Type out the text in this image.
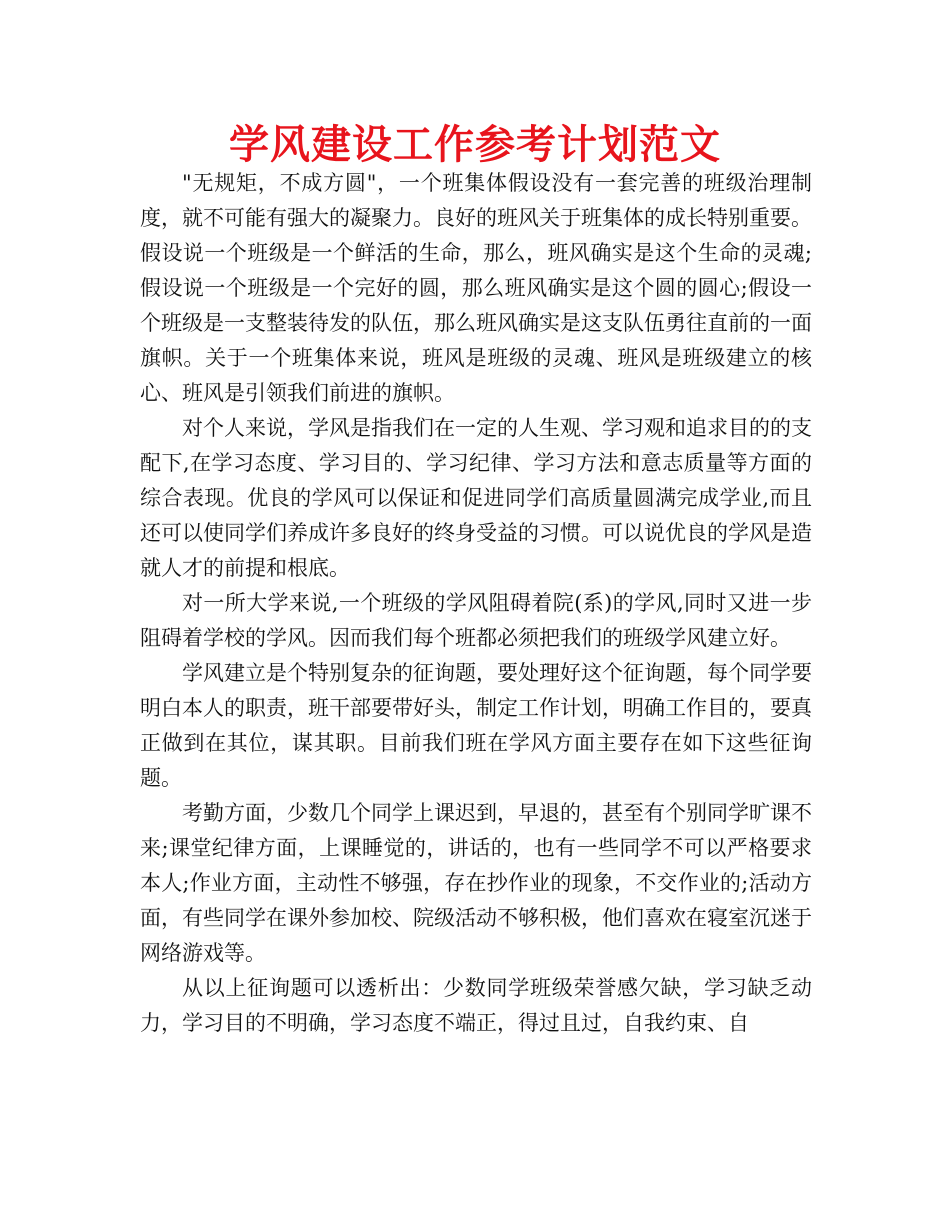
学风建设工作参考计划范文

"无规矩，不成方圆"，一个班集体假设没有一套完善的班级治理制度，就不可能有强大的凝聚力。良好的班风关于班集体的成长特别重要。假设说一个班级是一个鲜活的生命，那么，班风确实是这个生命的灵魂;假设说一个班级是一个完好的圆，那么班风确实是这个圆的圆心;假设一个班级是一支整装待发的队伍，那么班风确实是这支队伍勇往直前的一面旗帜。关于一个班集体来说，班风是班级的灵魂、班风是班级建立的核心、班风是引领我们前进的旗帜。

对个人来说，学风是指我们在一定的人生观、学习观和追求目的的支配下,在学习态度、学习目的、学习纪律、学习方法和意志质量等方面的综合表现。优良的学风可以保证和促进同学们高质量圆满完成学业,而且还可以使同学们养成许多良好的终身受益的习惯。可以说优良的学风是造就人才的前提和根底。

对一所大学来说,一个班级的学风阻碍着院(系)的学风,同时又进一步阻碍着学校的学风。因而我们每个班都必须把我们的班级学风建立好。

学风建立是个特别复杂的征询题，要处理好这个征询题，每个同学要明白本人的职责，班干部要带好头，制定工作计划，明确工作目的，要真正做到在其位，谋其职。目前我们班在学风方面主要存在如下这些征询题。

考勤方面，少数几个同学上课迟到，早退的，甚至有个别同学旷课不来;课堂纪律方面，上课睡觉的，讲话的，也有一些同学不可以严格要求本人;作业方面，主动性不够强，存在抄作业的现象，不交作业的;活动方面，有些同学在课外参加校、院级活动不够积极，他们喜欢在寝室沉迷于网络游戏等。

从以上征询题可以透析出：少数同学班级荣誉感欠缺，学习缺乏动力，学习目的不明确，学习态度不端正，得过且过，自我约束、自
